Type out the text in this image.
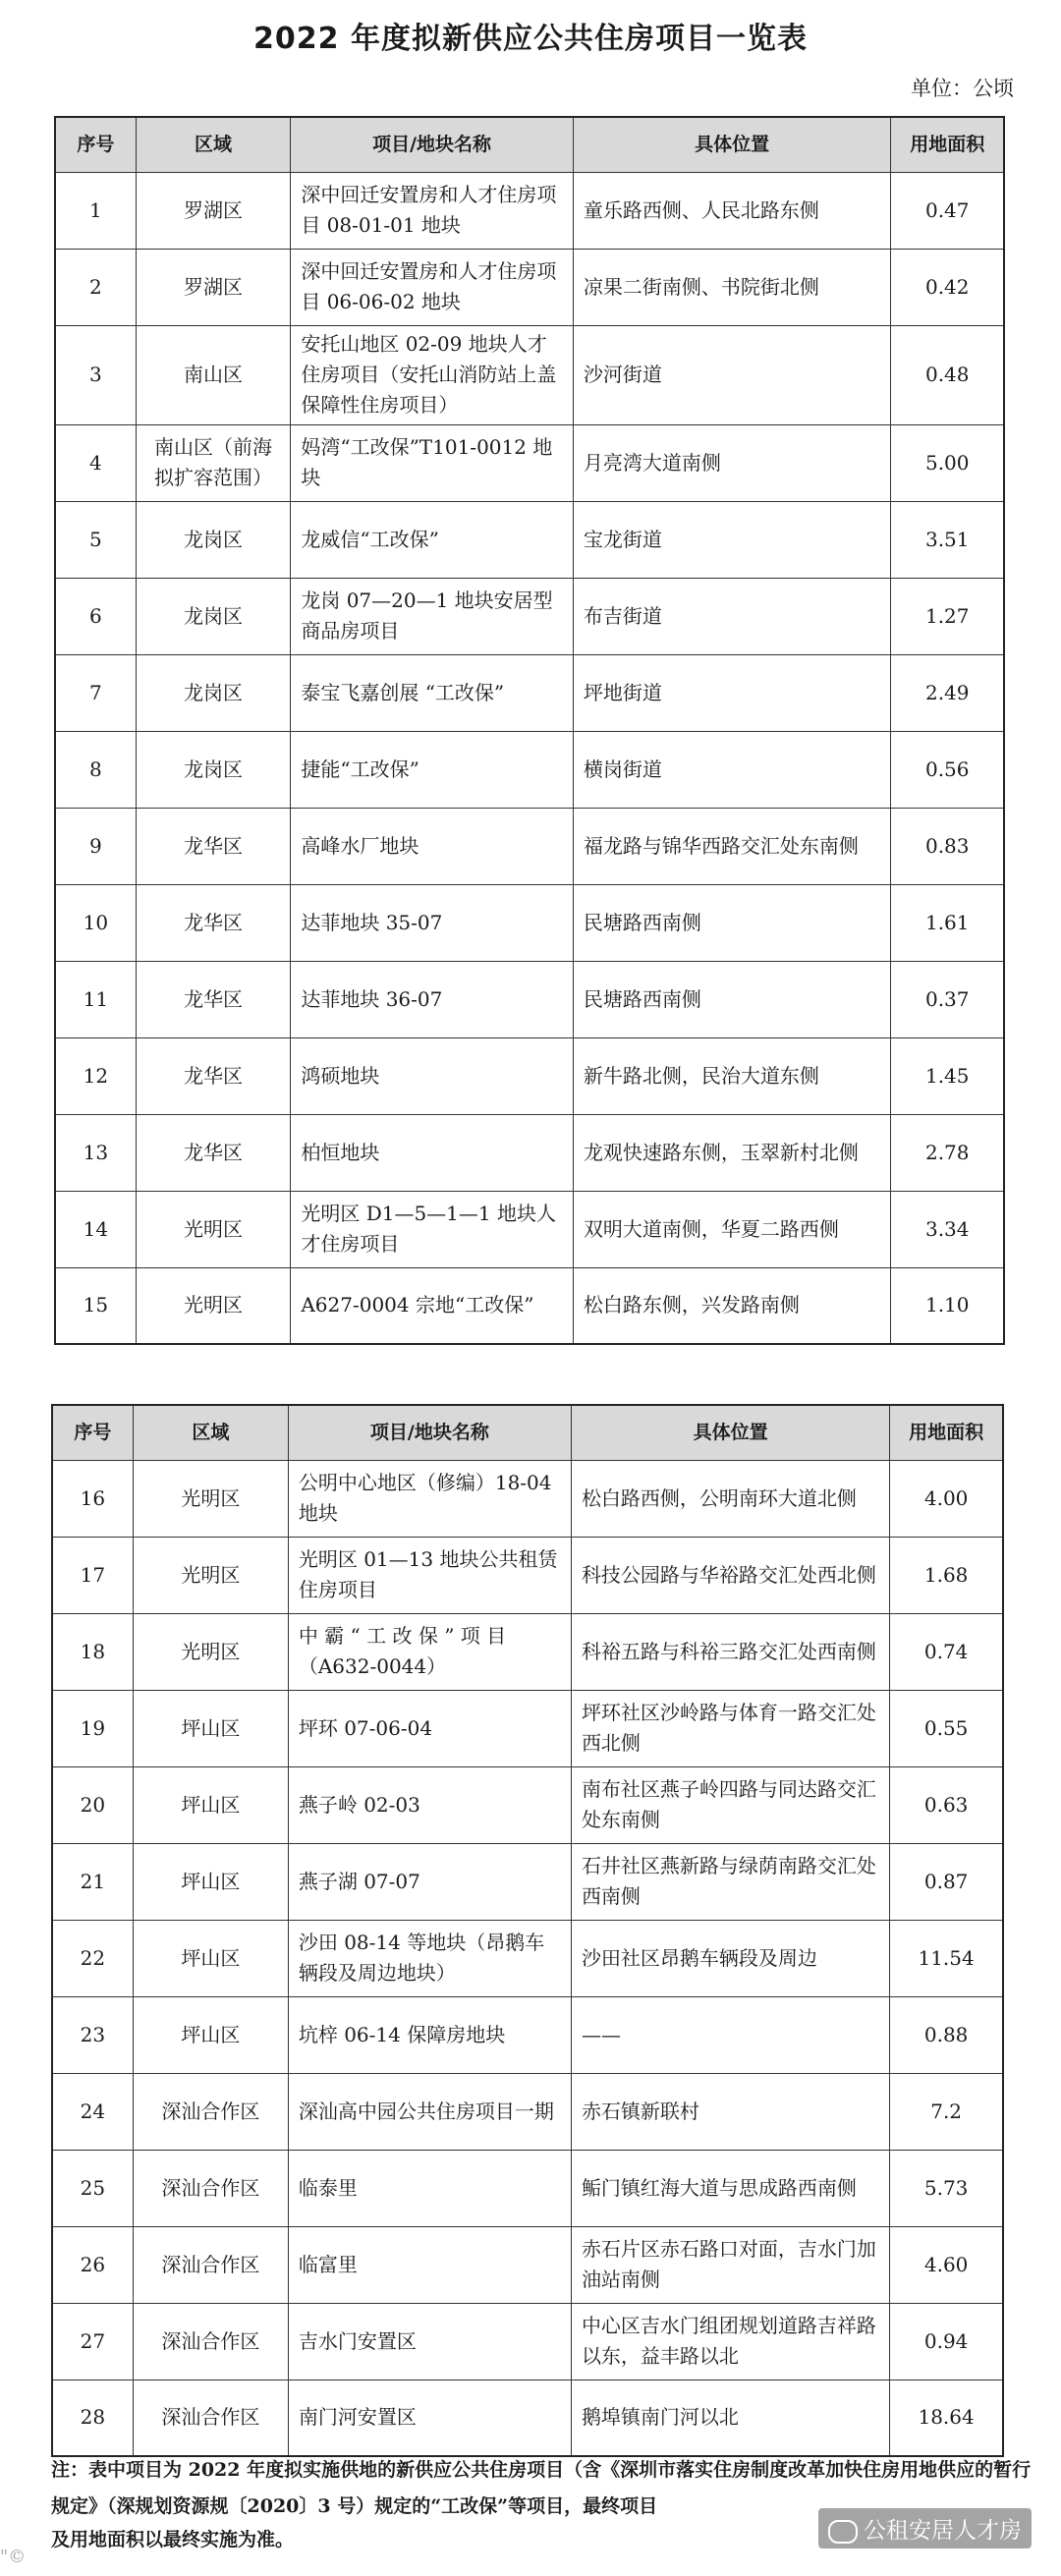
2022 年度拟新供应公共住房项目一览表
单位：公顷
序号	区域	项目/地块名称	具体位置	用地面积
1	罗湖区	深中回迁安置房和人才住房项目 08-01-01 地块	童乐路西侧、人民北路东侧	0.47
2	罗湖区	深中回迁安置房和人才住房项目 06-06-02 地块	凉果二街南侧、书院街北侧	0.42
3	南山区	安托山地区 02-09 地块人才住房项目（安托山消防站上盖保障性住房项目）	沙河街道	0.48
4	南山区（前海拟扩容范围）	妈湾“工改保”T101-0012 地块	月亮湾大道南侧	5.00
5	龙岗区	龙威信“工改保”	宝龙街道	3.51
6	龙岗区	龙岗 07—20—1 地块安居型商品房项目	布吉街道	1.27
7	龙岗区	泰宝飞嘉创展 “工改保”	坪地街道	2.49
8	龙岗区	捷能“工改保”	横岗街道	0.56
9	龙华区	高峰水厂地块	福龙路与锦华西路交汇处东南侧	0.83
10	龙华区	达菲地块 35-07	民塘路西南侧	1.61
11	龙华区	达菲地块 36-07	民塘路西南侧	0.37
12	龙华区	鸿硕地块	新牛路北侧，民治大道东侧	1.45
13	龙华区	柏恒地块	龙观快速路东侧，玉翠新村北侧	2.78
14	光明区	光明区 D1—5—1—1 地块人才住房项目	双明大道南侧，华夏二路西侧	3.34
15	光明区	A627-0004 宗地“工改保”	松白路东侧，兴发路南侧	1.10
序号	区域	项目/地块名称	具体位置	用地面积
16	光明区	公明中心地区（修编）18-04 地块	松白路西侧，公明南环大道北侧	4.00
17	光明区	光明区 01—13 地块公共租赁住房项目	科技公园路与华裕路交汇处西北侧	1.68
18	光明区	中 霸 “ 工 改 保 ” 项 目（A632-0044）	科裕五路与科裕三路交汇处西南侧	0.74
19	坪山区	坪环 07-06-04	坪环社区沙岭路与体育一路交汇处西北侧	0.55
20	坪山区	燕子岭 02-03	南布社区燕子岭四路与同达路交汇处东南侧	0.63
21	坪山区	燕子湖 07-07	石井社区燕新路与绿荫南路交汇处西南侧	0.87
22	坪山区	沙田 08-14 等地块（昂鹅车辆段及周边地块）	沙田社区昂鹅车辆段及周边	11.54
23	坪山区	坑梓 06-14 保障房地块	——	0.88
24	深汕合作区	深汕高中园公共住房项目一期	赤石镇新联村	7.2
25	深汕合作区	临泰里	鲘门镇红海大道与思成路西南侧	5.73
26	深汕合作区	临富里	赤石片区赤石路口对面，吉水门加油站南侧	4.60
27	深汕合作区	吉水门安置区	中心区吉水门组团规划道路吉祥路以东，益丰路以北	0.94
28	深汕合作区	南门河安置区	鹅埠镇南门河以北	18.64
注：表中项目为 2022 年度拟实施供地的新供应公共住房项目（含《深圳市落实住房制度改革加快住房用地供应的暂行规定》（深规划资源规〔2020〕3 号）规定的“工改保”等项目，最终项目
及用地面积以最终实施为准。	公租安居人才房
"©
